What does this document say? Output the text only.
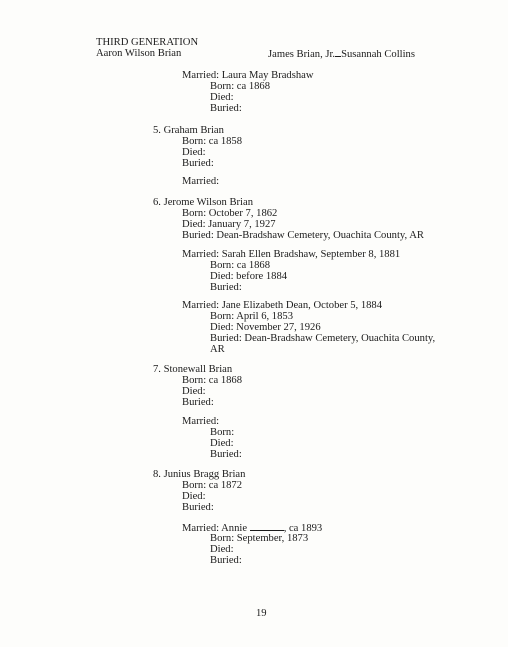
THIRD GENERATION
Aaron Wilson Brian	James Brian, Jr. Susannah Collins
Married: Laura May Bradshaw
Born: ca 1868
Died:
Buried:
5. Graham Brian
Born: ca 1858
Died:
Buried:
Married:
6. Jerome Wilson Brian
Born: October 7, 1862
Died: January 7, 1927
Buried: Dean-Bradshaw Cemetery, Ouachita County, AR
Married: Sarah Ellen Bradshaw, September 8, 1881
Born: ca 1868
Died: before 1884
Buried:
Married: Jane Elizabeth Dean, October 5, 1884
Born: April 6, 1853
Died: November 27, 1926
Buried: Dean-Bradshaw Cemetery, Ouachita County,
AR
7. Stonewall Brian
Born: ca 1868
Died:
Buried:
Married:
Born:
Died:
Buried:
8. Junius Bragg Brian
Born: ca 1872
Died:
Buried:
Married: Annie	, ca 1893
Born: September, 1873
Died:
Buried:
19
